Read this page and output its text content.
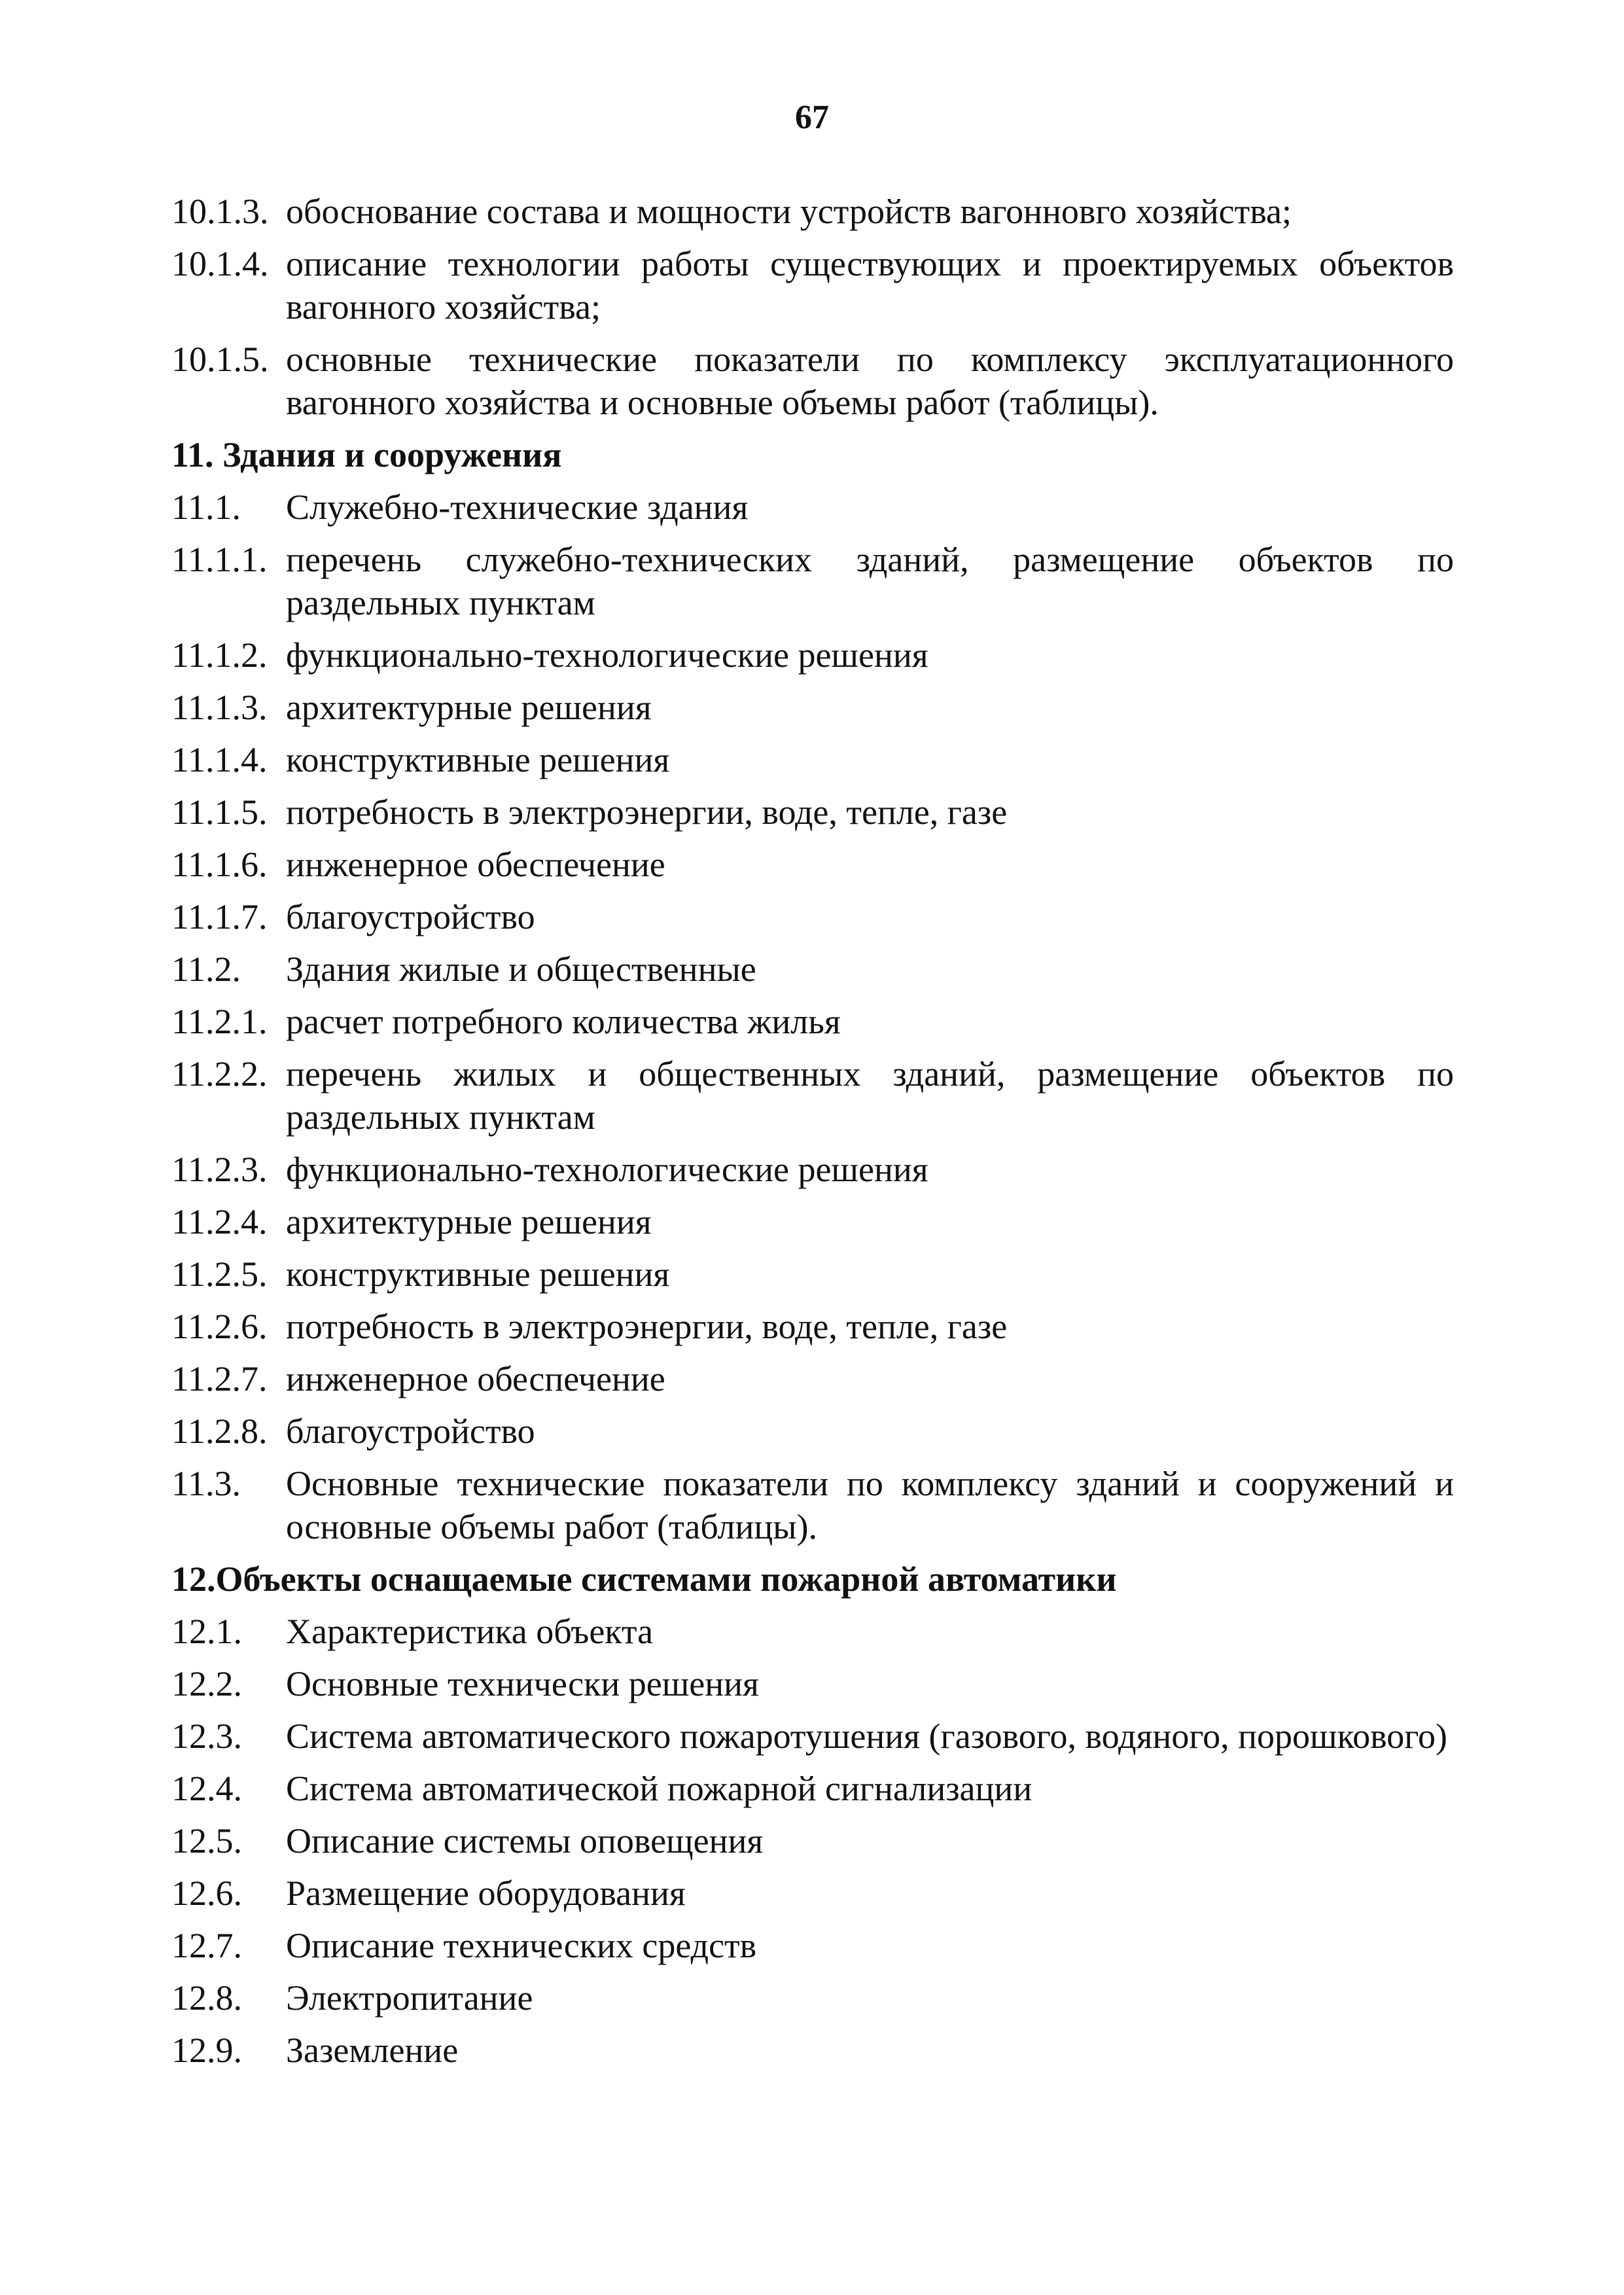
67
10.1.3. обоснование состава и мощности устройств вагонновго хозяйства;
10.1.4. описание технологии работы существующих и проектируемых объектов вагонного хозяйства;
10.1.5. основные технические показатели по комплексу эксплуатационного вагонного хозяйства и основные объемы работ (таблицы).
11. Здания и сооружения
11.1.	Служебно-технические здания
11.1.1. перечень служебно-технических зданий, размещение объектов по раздельных пунктам
11.1.2. функционально-технологические решения
11.1.3. архитектурные решения
11.1.4. конструктивные решения
11.1.5. потребность в электроэнергии, воде, тепле, газе
11.1.6. инженерное обеспечение
11.1.7. благоустройство
11.2.	Здания жилые и общественные
11.2.1. расчет потребного количества жилья
11.2.2. перечень жилых и общественных зданий, размещение объектов по раздельных пунктам
11.2.3. функционально-технологические решения
11.2.4. архитектурные решения
11.2.5. конструктивные решения
11.2.6. потребность в электроэнергии, воде, тепле, газе
11.2.7. инженерное обеспечение
11.2.8. благоустройство
11.3.	Основные технические показатели по комплексу зданий и сооружений и основные объемы работ (таблицы).
12.Объекты оснащаемые системами пожарной автоматики
12.1.	Характеристика объекта
12.2.	Основные технически решения
12.3.	Система автоматического пожаротушения (газового, водяного, порошкового)
12.4.	Система автоматической пожарной сигнализации
12.5.	Описание системы оповещения
12.6.	Размещение оборудования
12.7.	Описание технических средств
12.8.	Электропитание
12.9.	Заземление
